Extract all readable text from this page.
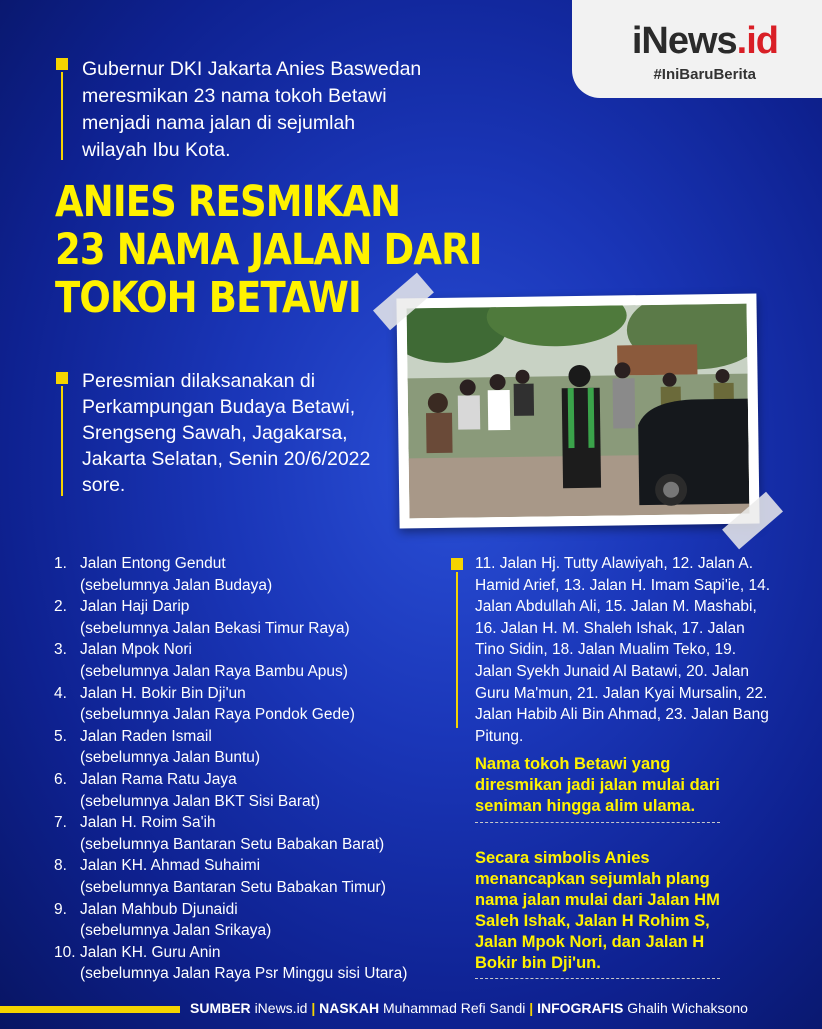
iNews.id
#IniBaruBerita
Gubernur DKI Jakarta Anies Baswedan meresmikan 23 nama tokoh Betawi menjadi nama jalan di sejumlah wilayah Ibu Kota.
ANIES RESMIKAN
23 NAMA JALAN DARI
TOKOH BETAWI
Peresmian dilaksanakan di Perkampungan Budaya Betawi, Srengseng Sawah, Jagakarsa, Jakarta Selatan, Senin 20/6/2022 sore.
1. Jalan Entong Gendut
(sebelumnya Jalan Budaya)
2. Jalan Haji Darip
(sebelumnya Jalan Bekasi Timur Raya)
3. Jalan Mpok Nori
(sebelumnya Jalan Raya Bambu Apus)
4. Jalan H. Bokir Bin Dji'un
(sebelumnya Jalan Raya Pondok Gede)
5. Jalan Raden Ismail
(sebelumnya Jalan Buntu)
6. Jalan Rama Ratu Jaya
(sebelumnya Jalan BKT Sisi Barat)
7. Jalan H. Roim Sa'ih
(sebelumnya Bantaran Setu Babakan Barat)
8. Jalan KH. Ahmad Suhaimi
(sebelumnya Bantaran Setu Babakan Timur)
9. Jalan Mahbub Djunaidi
(sebelumnya Jalan Srikaya)
10. Jalan KH. Guru Anin
(sebelumnya Jalan Raya Psr Minggu sisi Utara)
11. Jalan Hj. Tutty Alawiyah, 12. Jalan A. Hamid Arief, 13. Jalan H. Imam Sapi'ie, 14. Jalan Abdullah Ali, 15. Jalan M. Mashabi, 16. Jalan H. M. Shaleh Ishak, 17. Jalan Tino Sidin, 18. Jalan Mualim Teko, 19. Jalan Syekh Junaid Al Batawi, 20. Jalan Guru Ma'mun, 21. Jalan Kyai Mursalin, 22. Jalan Habib Ali Bin Ahmad, 23. Jalan Bang Pitung.
Nama tokoh Betawi yang diresmikan jadi jalan mulai dari seniman hingga alim ulama.
Secara simbolis Anies menancapkan sejumlah plang nama jalan mulai dari Jalan HM Saleh Ishak, Jalan H Rohim S, Jalan Mpok Nori, dan Jalan H Bokir bin Dji'un.
SUMBER iNews.id | NASKAH Muhammad Refi Sandi | INFOGRAFIS Ghalih Wichaksono
